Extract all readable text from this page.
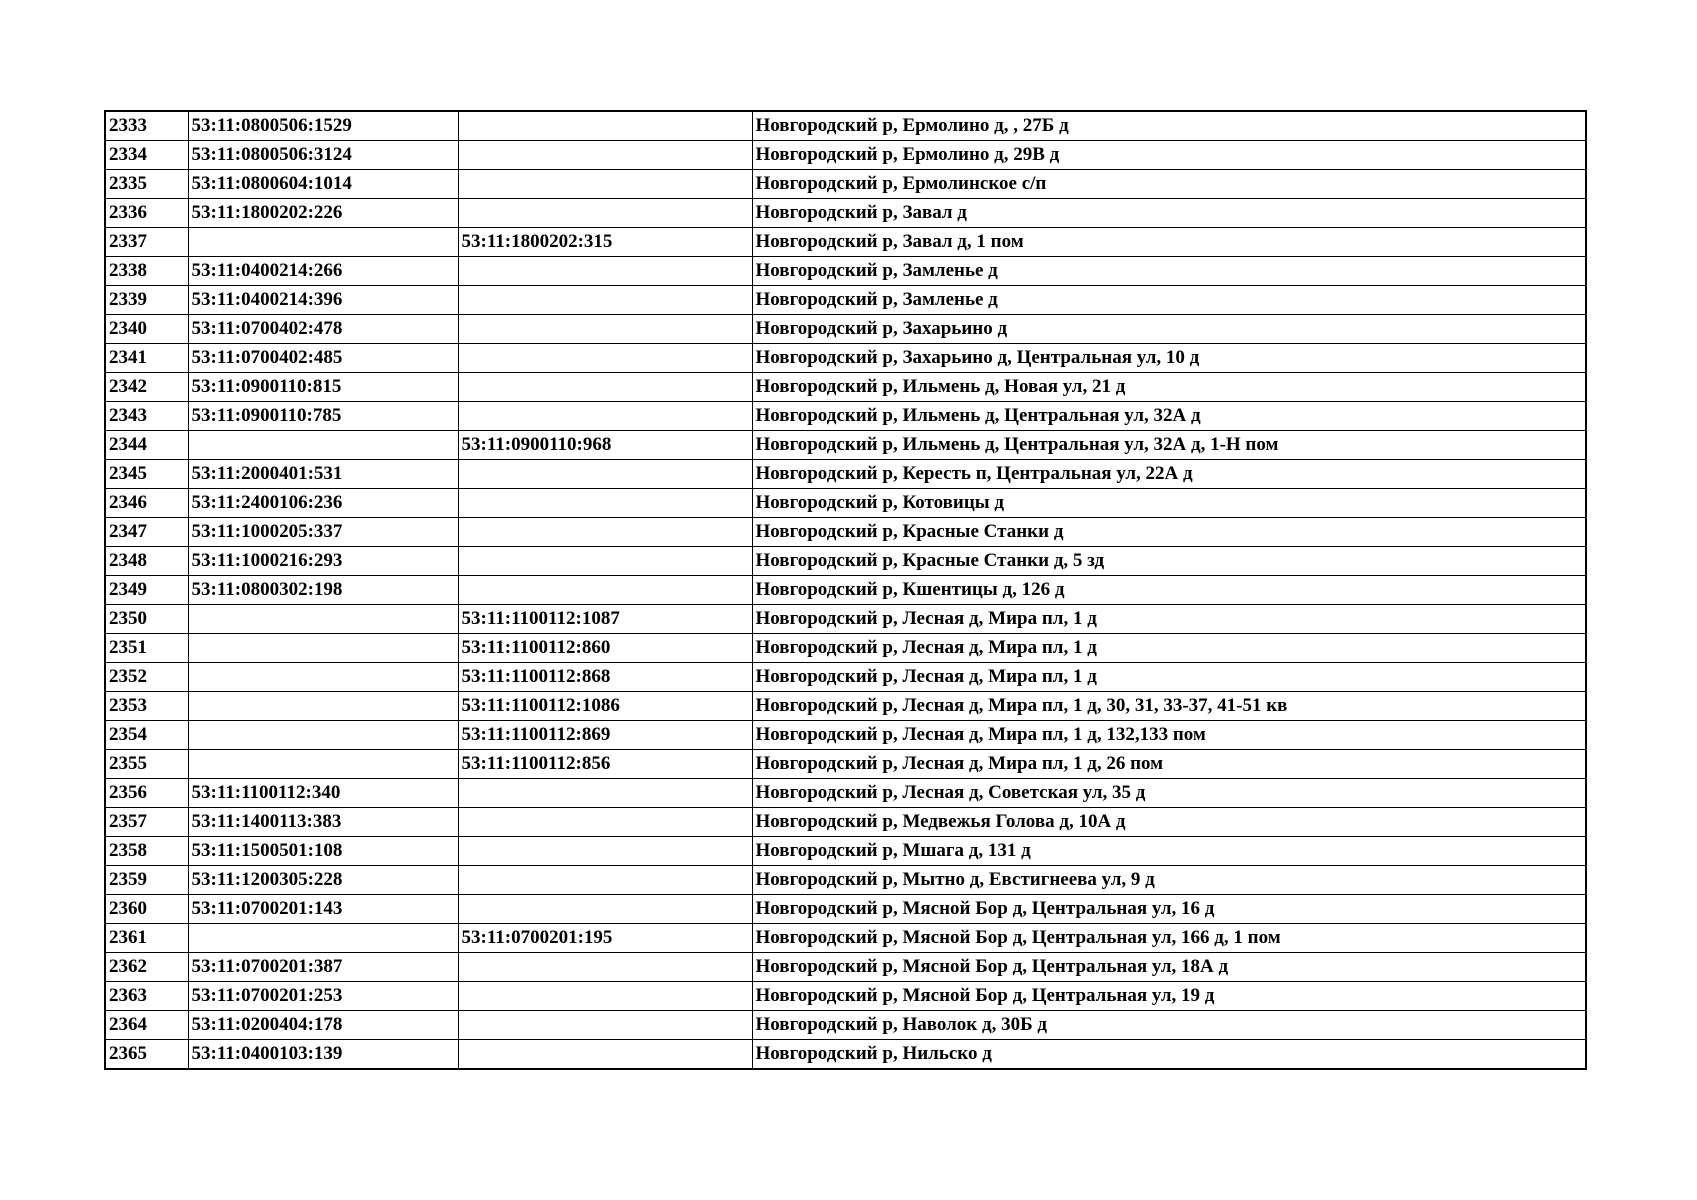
2333	53:11:0800506:1529		Новгородский р, Ермолино д, , 27Б д
2334	53:11:0800506:3124		Новгородский р, Ермолино д, 29В д
2335	53:11:0800604:1014		Новгородский р, Ермолинское с/п
2336	53:11:1800202:226		Новгородский р, Завал д
2337		53:11:1800202:315	Новгородский р, Завал д, 1 пом
2338	53:11:0400214:266		Новгородский р, Замленье д
2339	53:11:0400214:396		Новгородский р, Замленье д
2340	53:11:0700402:478		Новгородский р, Захарьино д
2341	53:11:0700402:485		Новгородский р, Захарьино д, Центральная ул, 10 д
2342	53:11:0900110:815		Новгородский р, Ильмень д, Новая ул, 21 д
2343	53:11:0900110:785		Новгородский р, Ильмень д, Центральная ул, 32А д
2344		53:11:0900110:968	Новгородский р, Ильмень д, Центральная ул, 32А д, 1-Н пом
2345	53:11:2000401:531		Новгородский р, Кересть п, Центральная ул, 22А д
2346	53:11:2400106:236		Новгородский р, Котовицы д
2347	53:11:1000205:337		Новгородский р, Красные Станки д
2348	53:11:1000216:293		Новгородский р, Красные Станки д, 5 зд
2349	53:11:0800302:198		Новгородский р, Кшентицы д, 126 д
2350		53:11:1100112:1087	Новгородский р, Лесная д, Мира пл, 1 д
2351		53:11:1100112:860	Новгородский р, Лесная д, Мира пл, 1 д
2352		53:11:1100112:868	Новгородский р, Лесная д, Мира пл, 1 д
2353		53:11:1100112:1086	Новгородский р, Лесная д, Мира пл, 1 д, 30, 31, 33-37, 41-51 кв
2354		53:11:1100112:869	Новгородский р, Лесная д, Мира пл, 1 д, 132,133 пом
2355		53:11:1100112:856	Новгородский р, Лесная д, Мира пл, 1 д, 26 пом
2356	53:11:1100112:340		Новгородский р, Лесная д, Советская ул, 35 д
2357	53:11:1400113:383		Новгородский р, Медвежья Голова д, 10А д
2358	53:11:1500501:108		Новгородский р, Мшага д, 131 д
2359	53:11:1200305:228		Новгородский р, Мытно д, Евстигнеева ул, 9 д
2360	53:11:0700201:143		Новгородский р, Мясной Бор д, Центральная ул, 16 д
2361		53:11:0700201:195	Новгородский р, Мясной Бор д, Центральная ул, 166 д, 1 пом
2362	53:11:0700201:387		Новгородский р, Мясной Бор д, Центральная ул, 18А д
2363	53:11:0700201:253		Новгородский р, Мясной Бор д, Центральная ул, 19 д
2364	53:11:0200404:178		Новгородский р, Наволок д, 30Б д
2365	53:11:0400103:139		Новгородский р, Нильско д
